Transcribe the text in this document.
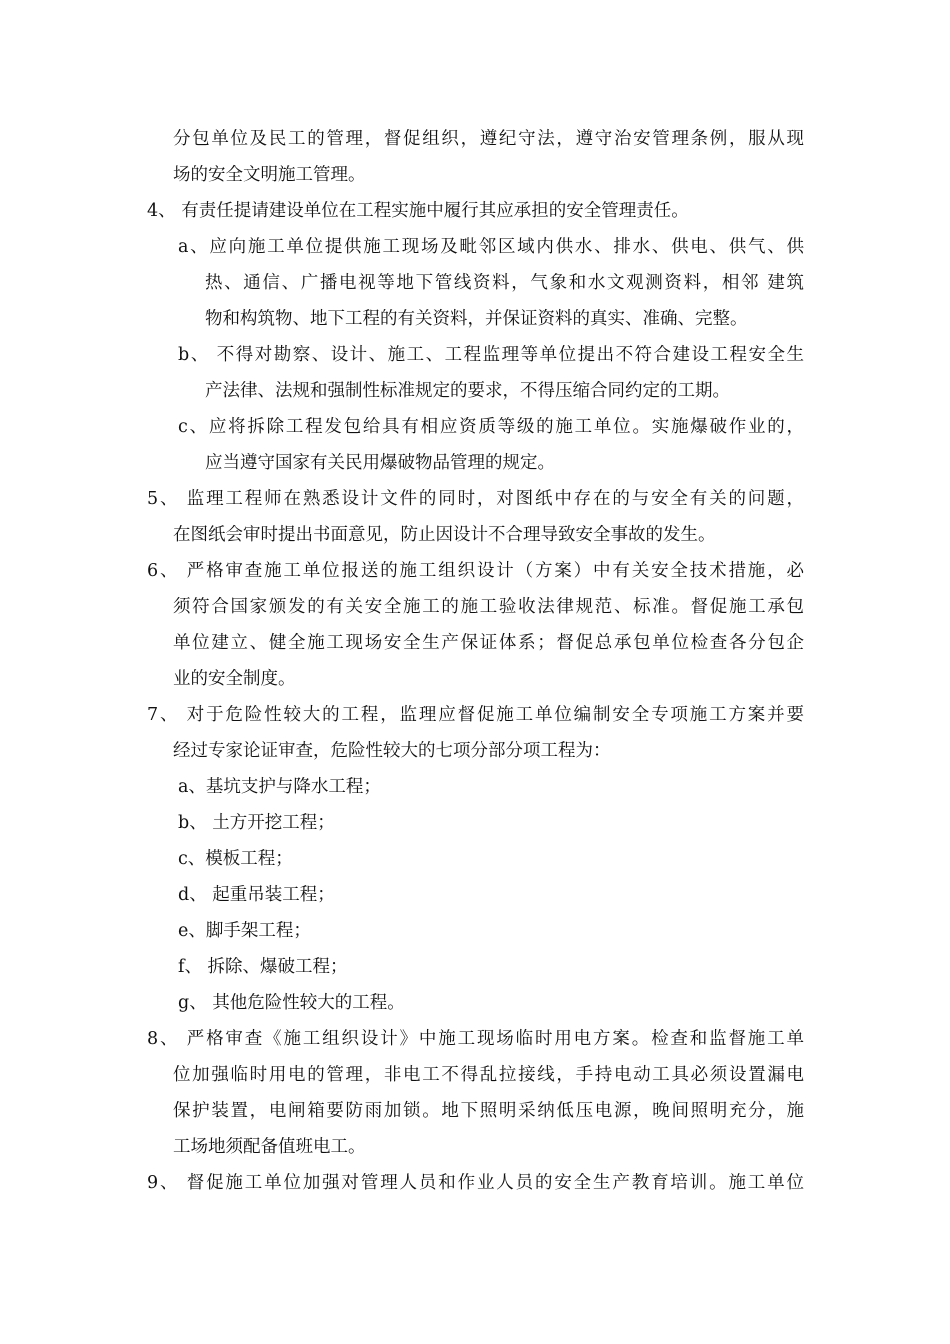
分包单位及民工的管理，督促组织，遵纪守法，遵守治安管理条例，服从现
场的安全文明施工管理。
4、 有责任提请建设单位在工程实施中履行其应承担的安全管理责任。
a、应向施工单位提供施工现场及毗邻区域内供水、排水、供电、供气、供
热、通信、广播电视等地下管线资料，气象和水文观测资料，相邻 建筑
物和构筑物、地下工程的有关资料，并保证资料的真实、准确、完整。
b、 不得对勘察、设计、施工、工程监理等单位提出不符合建设工程安全生
产法律、法规和强制性标准规定的要求，不得压缩合同约定的工期。
c、应将拆除工程发包给具有相应资质等级的施工单位。实施爆破作业的，
应当遵守国家有关民用爆破物品管理的规定。
5、 监理工程师在熟悉设计文件的同时，对图纸中存在的与安全有关的问题，
在图纸会审时提出书面意见，防止因设计不合理导致安全事故的发生。
6、 严格审查施工单位报送的施工组织设计（方案）中有关安全技术措施，必
须符合国家颁发的有关安全施工的施工验收法律规范、标准。督促施工承包
单位建立、健全施工现场安全生产保证体系；督促总承包单位检查各分包企
业的安全制度。
7、 对于危险性较大的工程，监理应督促施工单位编制安全专项施工方案并要
经过专家论证审查，危险性较大的七项分部分项工程为：
a、基坑支护与降水工程；
b、 土方开挖工程；
c、模板工程；
d、 起重吊装工程；
e、脚手架工程；
f、 拆除、爆破工程；
g、 其他危险性较大的工程。
8、 严格审查《施工组织设计》中施工现场临时用电方案。检查和监督施工单
位加强临时用电的管理，非电工不得乱拉接线，手持电动工具必须设置漏电
保护装置，电闸箱要防雨加锁。地下照明采纳低压电源，晚间照明充分，施
工场地须配备值班电工。
9、 督促施工单位加强对管理人员和作业人员的安全生产教育培训。施工单位
